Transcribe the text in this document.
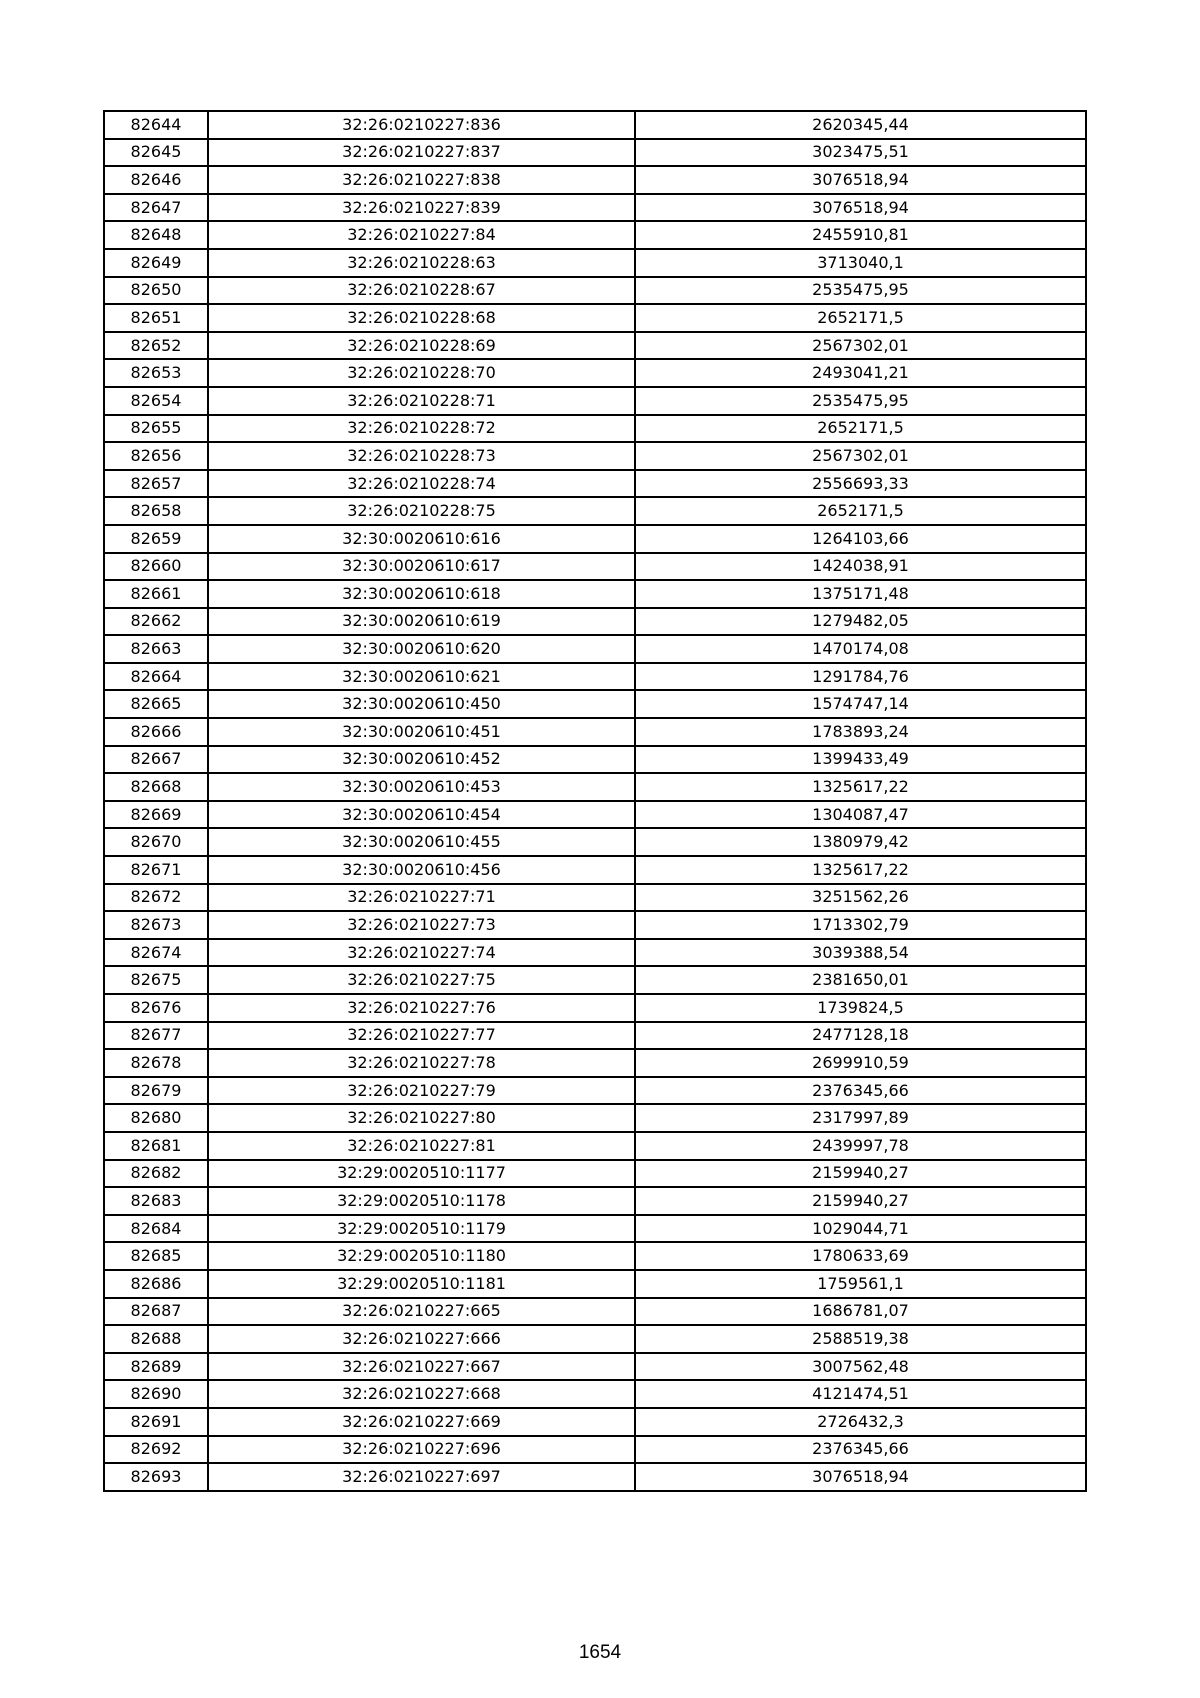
82644	32:26:0210227:836	2620345,44
82645	32:26:0210227:837	3023475,51
82646	32:26:0210227:838	3076518,94
82647	32:26:0210227:839	3076518,94
82648	32:26:0210227:84	2455910,81
82649	32:26:0210228:63	3713040,1
82650	32:26:0210228:67	2535475,95
82651	32:26:0210228:68	2652171,5
82652	32:26:0210228:69	2567302,01
82653	32:26:0210228:70	2493041,21
82654	32:26:0210228:71	2535475,95
82655	32:26:0210228:72	2652171,5
82656	32:26:0210228:73	2567302,01
82657	32:26:0210228:74	2556693,33
82658	32:26:0210228:75	2652171,5
82659	32:30:0020610:616	1264103,66
82660	32:30:0020610:617	1424038,91
82661	32:30:0020610:618	1375171,48
82662	32:30:0020610:619	1279482,05
82663	32:30:0020610:620	1470174,08
82664	32:30:0020610:621	1291784,76
82665	32:30:0020610:450	1574747,14
82666	32:30:0020610:451	1783893,24
82667	32:30:0020610:452	1399433,49
82668	32:30:0020610:453	1325617,22
82669	32:30:0020610:454	1304087,47
82670	32:30:0020610:455	1380979,42
82671	32:30:0020610:456	1325617,22
82672	32:26:0210227:71	3251562,26
82673	32:26:0210227:73	1713302,79
82674	32:26:0210227:74	3039388,54
82675	32:26:0210227:75	2381650,01
82676	32:26:0210227:76	1739824,5
82677	32:26:0210227:77	2477128,18
82678	32:26:0210227:78	2699910,59
82679	32:26:0210227:79	2376345,66
82680	32:26:0210227:80	2317997,89
82681	32:26:0210227:81	2439997,78
82682	32:29:0020510:1177	2159940,27
82683	32:29:0020510:1178	2159940,27
82684	32:29:0020510:1179	1029044,71
82685	32:29:0020510:1180	1780633,69
82686	32:29:0020510:1181	1759561,1
82687	32:26:0210227:665	1686781,07
82688	32:26:0210227:666	2588519,38
82689	32:26:0210227:667	3007562,48
82690	32:26:0210227:668	4121474,51
82691	32:26:0210227:669	2726432,3
82692	32:26:0210227:696	2376345,66
82693	32:26:0210227:697	3076518,94
1654
